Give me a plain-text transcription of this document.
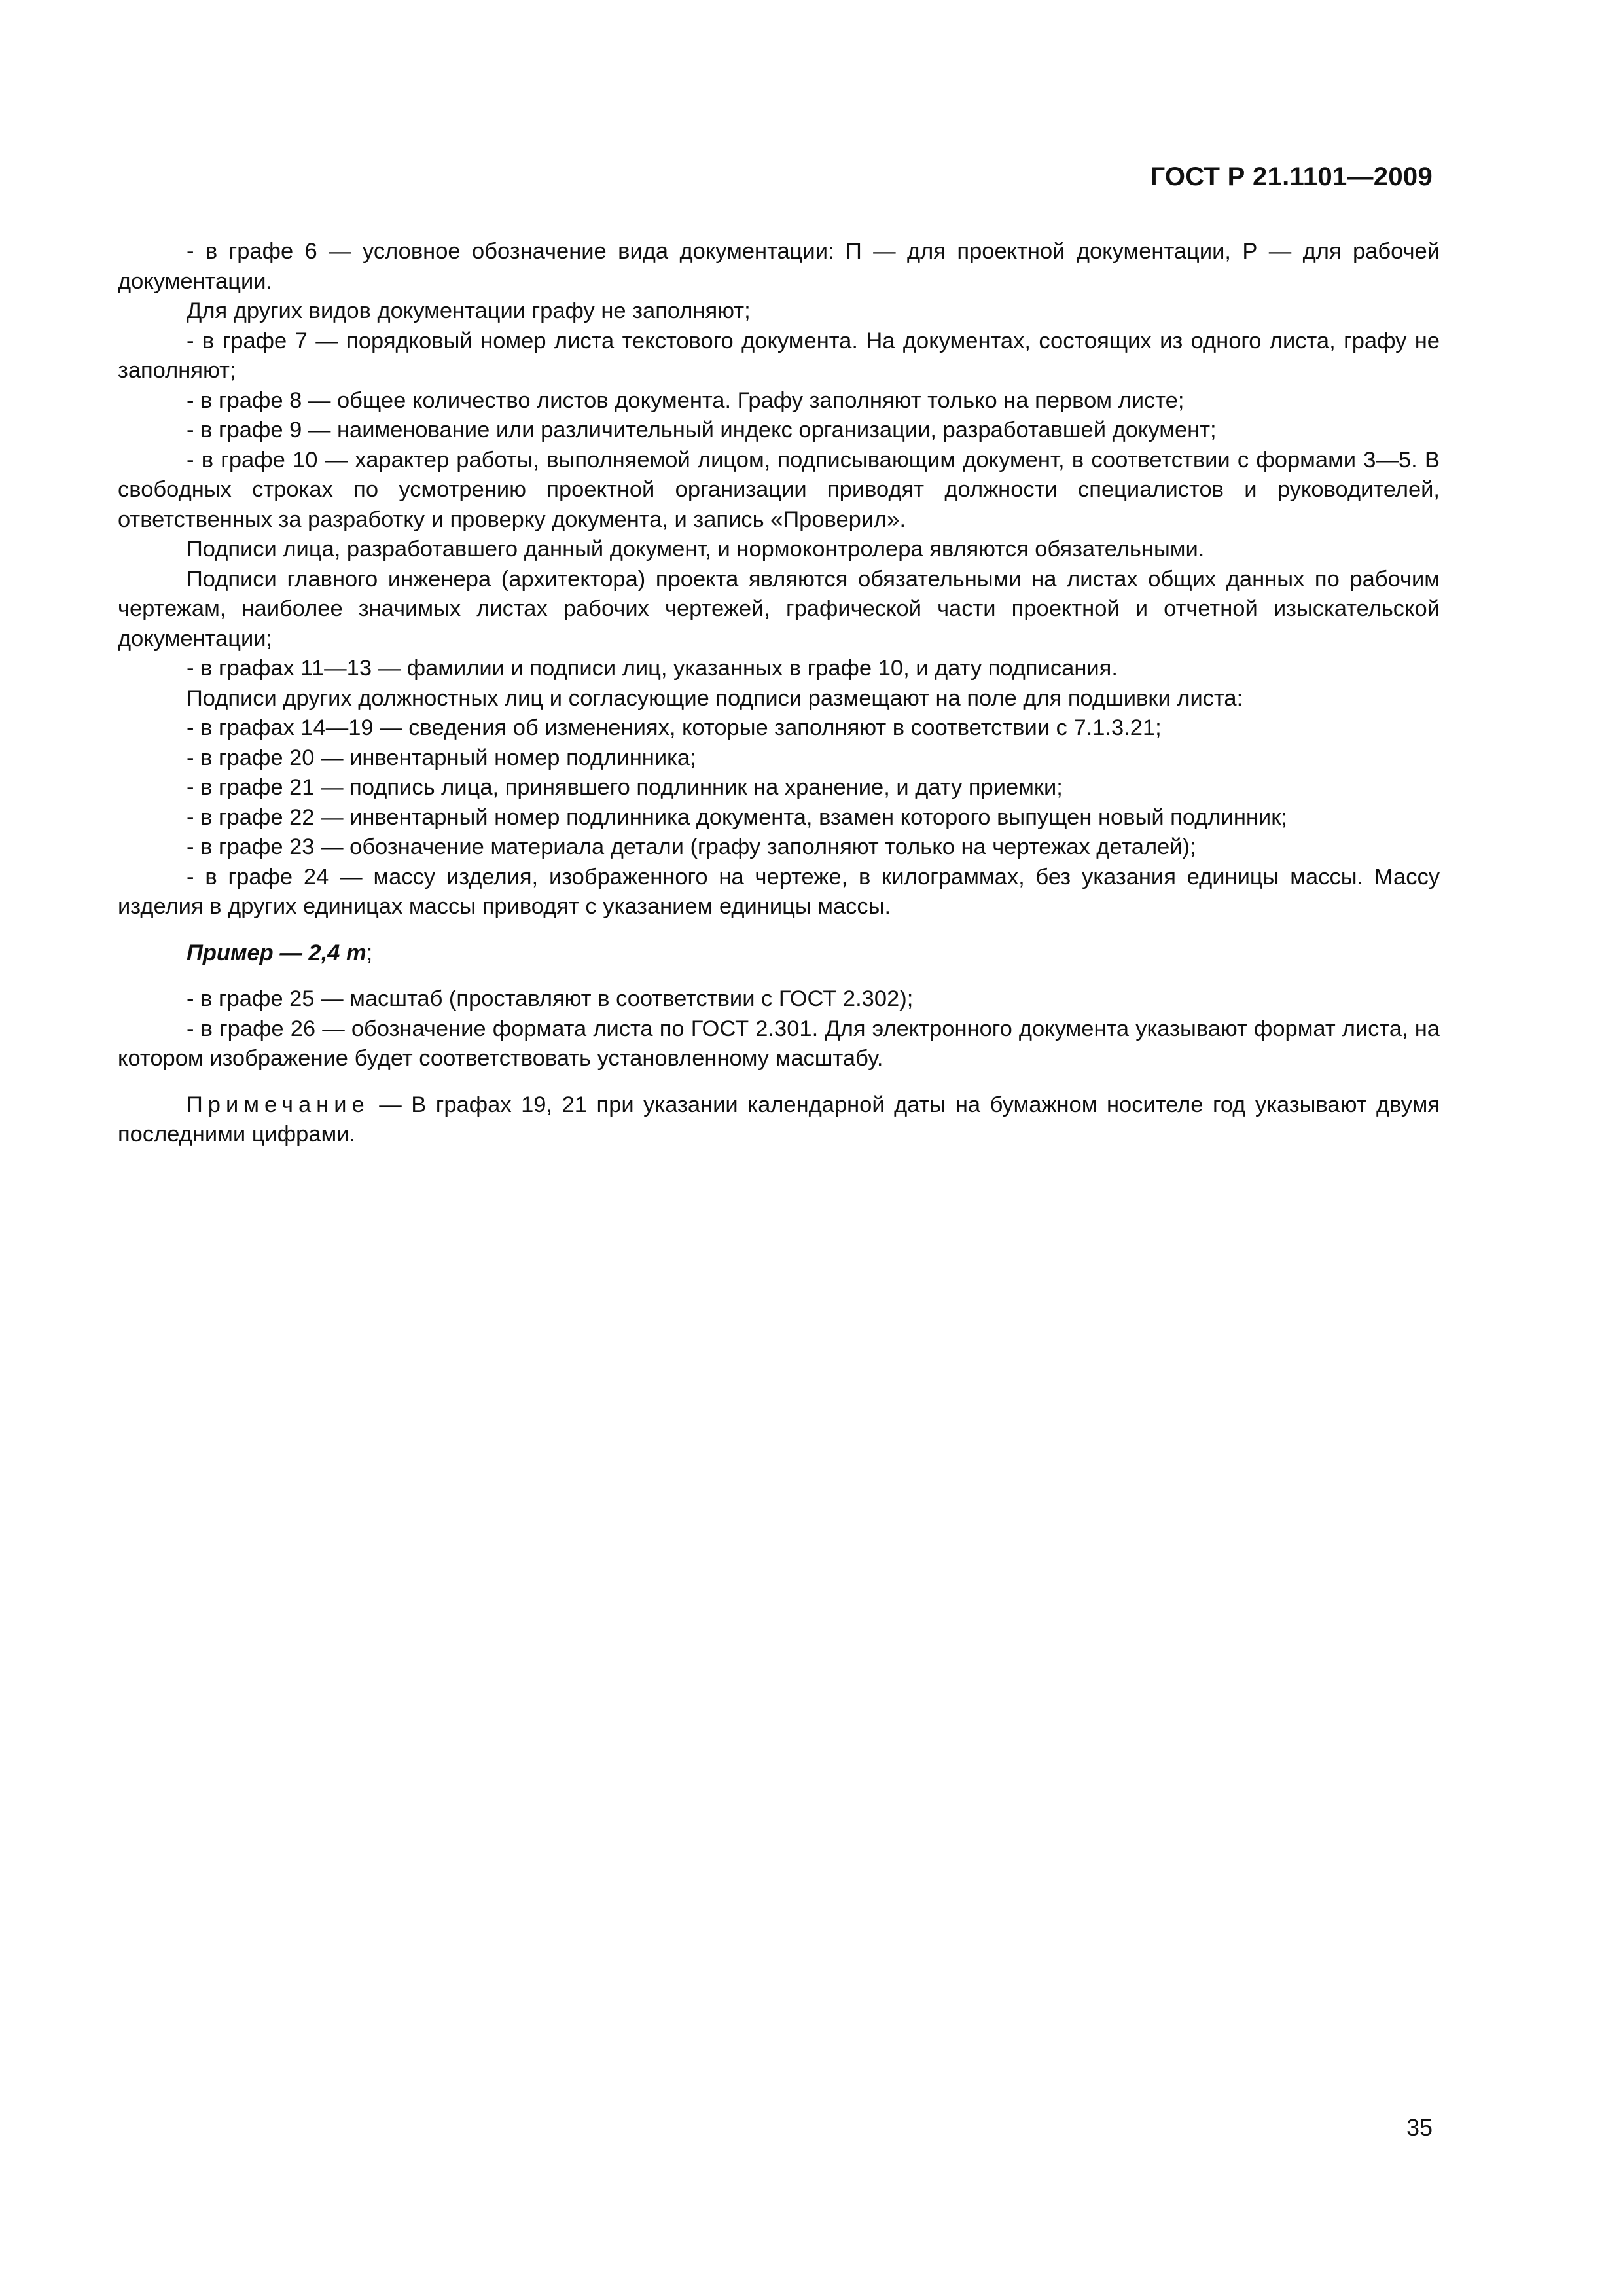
ГОСТ Р 21.1101—2009

- в графе 6 — условное обозначение вида документации: П — для проектной документации, Р — для рабочей документации.

Для других видов документации графу не заполняют;

- в графе 7 — порядковый номер листа текстового документа. На документах, состоящих из одного листа, графу не заполняют;

- в графе 8 — общее количество листов документа. Графу заполняют только на первом листе;

- в графе 9 — наименование или различительный индекс организации, разработавшей документ;

- в графе 10 — характер работы, выполняемой лицом, подписывающим документ, в соответствии с формами 3—5. В свободных строках по усмотрению проектной организации приводят должности специалистов и руководителей, ответственных за разработку и проверку документа, и запись «Проверил».

Подписи лица, разработавшего данный документ, и нормоконтролера являются обязательными.

Подписи главного инженера (архитектора) проекта являются обязательными на листах общих данных по рабочим чертежам, наиболее значимых листах рабочих чертежей, графической части проектной и отчетной изыскательской документации;

- в графах 11—13 — фамилии и подписи лиц, указанных в графе 10, и дату подписания.

Подписи других должностных лиц и согласующие подписи размещают на поле для подшивки листа:

- в графах 14—19 — сведения об изменениях, которые заполняют в соответствии с 7.1.3.21;

- в графе 20 — инвентарный номер подлинника;

- в графе 21 — подпись лица, принявшего подлинник на хранение, и дату приемки;

- в графе 22 — инвентарный номер подлинника документа, взамен которого выпущен новый подлинник;

- в графе 23 — обозначение материала детали (графу заполняют только на чертежах деталей);

- в графе 24 — массу изделия, изображенного на чертеже, в килограммах, без указания единицы массы. Массу изделия в других единицах массы приводят с указанием единицы массы.

Пример — 2,4 т;

- в графе 25 — масштаб (проставляют в соответствии с ГОСТ 2.302);

- в графе 26 — обозначение формата листа по ГОСТ 2.301. Для электронного документа указывают формат листа, на котором изображение будет соответствовать установленному масштабу.

Примечание — В графах 19, 21 при указании календарной даты на бумажном носителе год указывают двумя последними цифрами.

35
